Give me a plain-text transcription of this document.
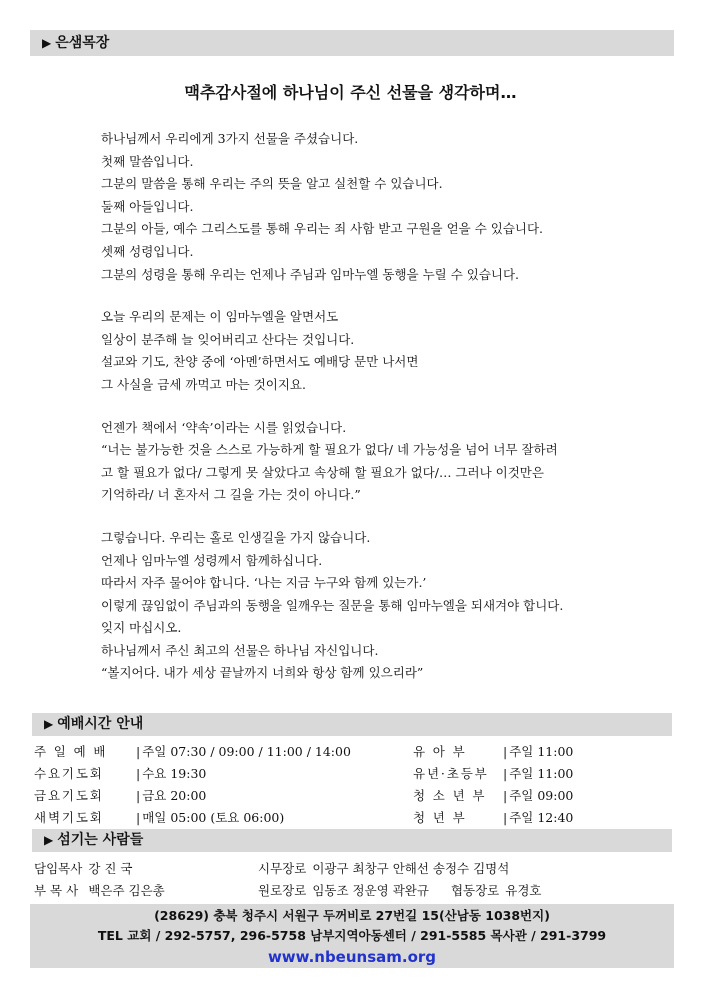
▶ 은샘목장
맥추감사절에 하나님이 주신 선물을 생각하며…
하나님께서 우리에게 3가지 선물을 주셨습니다.
첫째 말씀입니다.
그분의 말씀을 통해 우리는 주의 뜻을 알고 실천할 수 있습니다.
둘째 아들입니다.
그분의 아들, 예수 그리스도를 통해 우리는 죄 사함 받고 구원을 얻을 수 있습니다.
셋째 성령입니다.
그분의 성령을 통해 우리는 언제나 주님과 임마누엘 동행을 누릴 수 있습니다.
오늘 우리의 문제는 이 임마누엘을 알면서도
일상이 분주해 늘 잊어버리고 산다는 것입니다.
설교와 기도, 찬양 중에 ‘아멘’하면서도 예배당 문만 나서면
그 사실을 금세 까먹고 마는 것이지요.
언젠가 책에서 ‘약속’이라는 시를 읽었습니다.
“너는 불가능한 것을 스스로 가능하게 할 필요가 없다/ 네 가능성을 넘어 너무 잘하려
고 할 필요가 없다/ 그렇게 못 살았다고 속상해 할 필요가 없다/… 그러나 이것만은
기억하라/ 너 혼자서 그 길을 가는 것이 아니다.”
그렇습니다. 우리는 홀로 인생길을 가지 않습니다.
언제나 임마누엘 성령께서 함께하십니다.
따라서 자주 물어야 합니다. ‘나는 지금 누구와 함께 있는가.’
이렇게 끊임없이 주님과의 동행을 일깨우는 질문을 통해 임마누엘을 되새겨야 합니다.
잊지 마십시오.
하나님께서 주신 최고의 선물은 하나님 자신입니다.
“볼지어다. 내가 세상 끝날까지 너희와 항상 함께 있으리라”
▶ 예배시간 안내
주 일 예 배	|	주일 07:30 / 09:00 / 11:00 / 14:00
수요기도회	|	수요 19:30
금요기도회	|	금요 20:00
새벽기도회	|	매일 05:00 (토요 06:00)
유 아 부	|	주일 11:00
유년·초등부	|	주일 11:00
청 소 년 부	|	주일 09:00
청 년 부	|	주일 12:40
▶ 섬기는 사람들
담임목사	강 진 국
부 목 사	백은주 김은총
시무장로	이광구 최창구 안해선 송정수 김명석		
원로장로	임동조 정운영 곽완규	협동장로	유경호
(28629) 충북 청주시 서원구 두꺼비로 27번길 15(산남동 1038번지)
TEL 교회 / 292-5757, 296-5758 남부지역아동센터 / 291-5585 목사관 / 291-3799
www.nbeunsam.org
